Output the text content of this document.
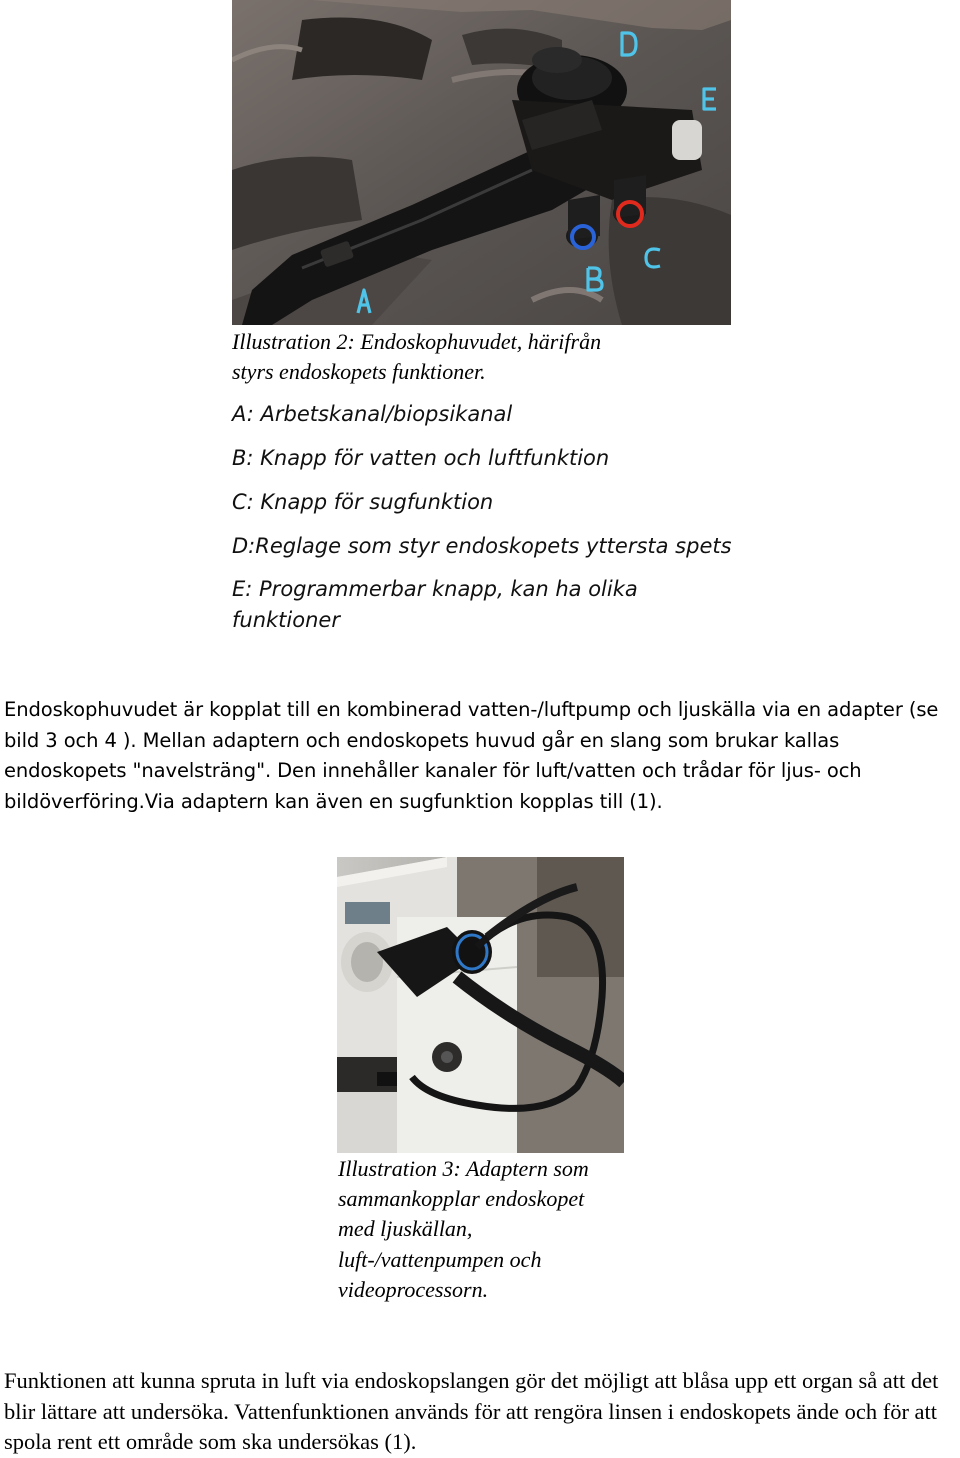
Illustration 2: Endoskophuvudet, härifrån
styrs endoskopets funktioner.
A: Arbetskanal/biopsikanal
B: Knapp för vatten och luftfunktion
C: Knapp för sugfunktion
D:Reglage som styr endoskopets yttersta spets
E: Programmerbar knapp, kan ha olika funktioner
Endoskophuvudet är kopplat till en kombinerad vatten-/luftpump och ljuskälla via en adapter (se bild 3 och 4 ). Mellan adaptern och endoskopets huvud går en slang som brukar kallas endoskopets "navelsträng". Den innehåller kanaler för luft/vatten och trådar för ljus- och bildöverföring.Via adaptern kan även en sugfunktion kopplas till (1).
Illustration 3: Adaptern som sammankopplar endoskopet med ljuskällan, luft-/vattenpumpen och videoprocessorn.
Funktionen att kunna spruta in luft via endoskopslangen gör det möjligt att blåsa upp ett organ så att det blir lättare att undersöka. Vattenfunktionen används för att rengöra linsen i endoskopets ände och för att spola rent ett område som ska undersökas (1).
